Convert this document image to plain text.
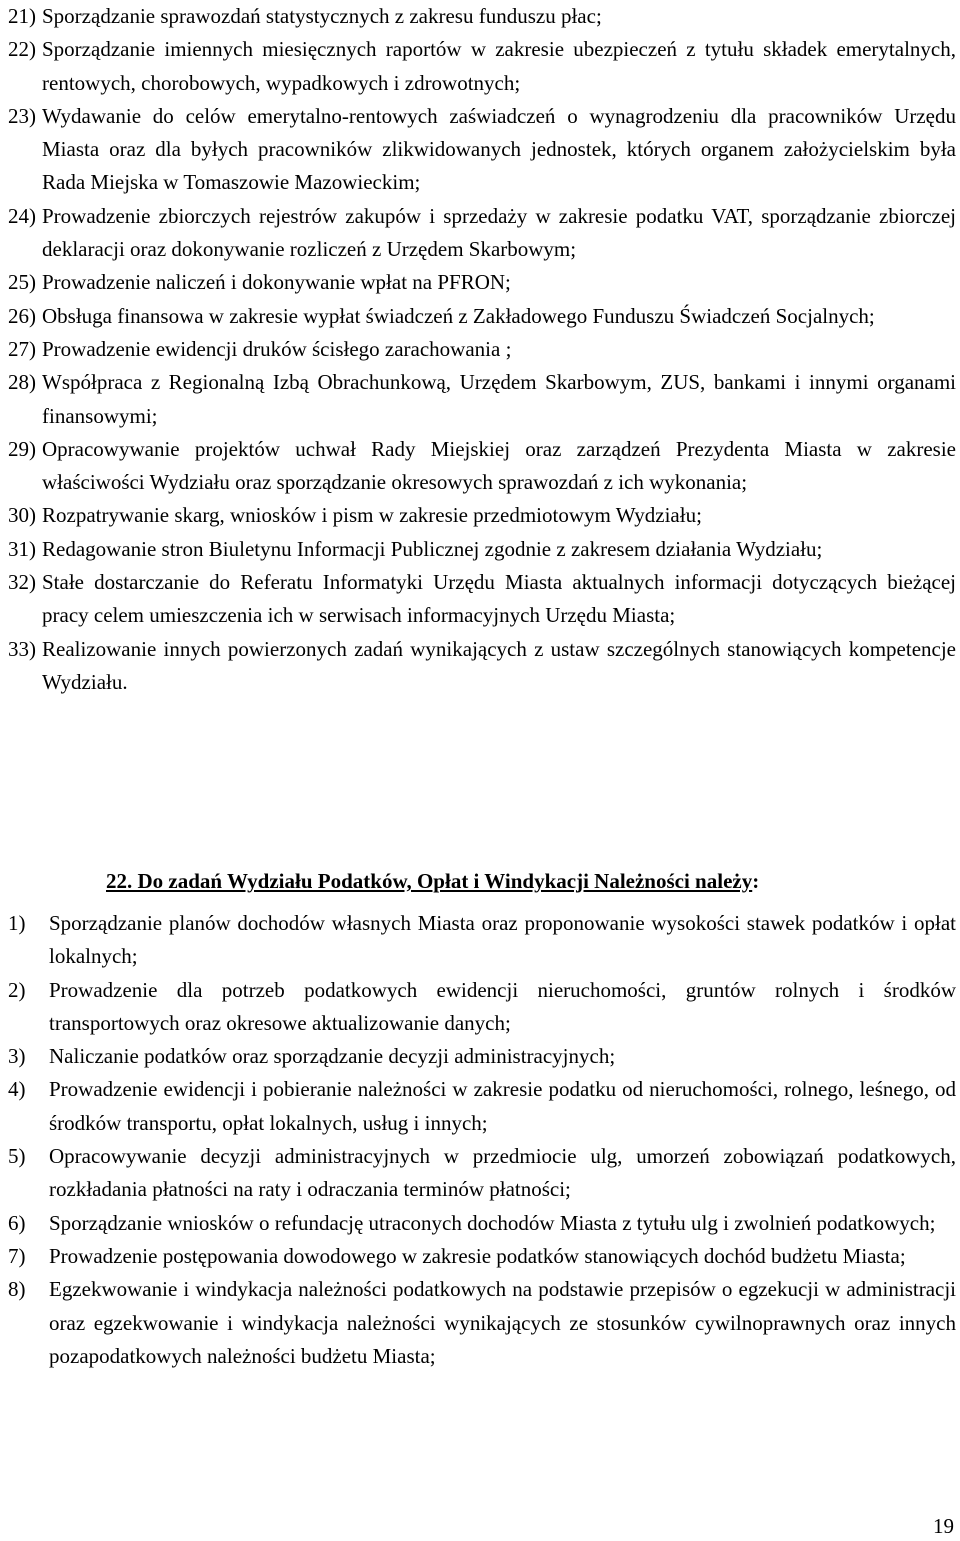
21) Sporządzanie sprawozdań statystycznych z zakresu funduszu płac;
22) Sporządzanie imiennych miesięcznych raportów w zakresie ubezpieczeń z tytułu składek emerytalnych, rentowych, chorobowych, wypadkowych i zdrowotnych;
23) Wydawanie do celów emerytalno-rentowych zaświadczeń o wynagrodzeniu dla pracowników Urzędu Miasta oraz dla byłych pracowników zlikwidowanych jednostek, których organem założycielskim była Rada Miejska w Tomaszowie Mazowieckim;
24) Prowadzenie zbiorczych rejestrów zakupów i sprzedaży w zakresie podatku VAT, sporządzanie zbiorczej deklaracji oraz dokonywanie rozliczeń z Urzędem Skarbowym;
25) Prowadzenie naliczeń i dokonywanie wpłat na PFRON;
26) Obsługa finansowa w zakresie wypłat świadczeń z Zakładowego Funduszu Świadczeń Socjalnych;
27) Prowadzenie ewidencji druków ścisłego zarachowania ;
28) Współpraca z Regionalną Izbą Obrachunkową, Urzędem Skarbowym, ZUS, bankami i innymi organami finansowymi;
29) Opracowywanie projektów uchwał Rady Miejskiej oraz zarządzeń Prezydenta Miasta w zakresie właściwości Wydziału oraz sporządzanie okresowych sprawozdań z ich wykonania;
30) Rozpatrywanie skarg, wniosków i pism w zakresie przedmiotowym Wydziału;
31) Redagowanie stron Biuletynu Informacji Publicznej zgodnie z zakresem działania Wydziału;
32) Stałe dostarczanie do Referatu Informatyki Urzędu Miasta aktualnych informacji dotyczących bieżącej pracy celem umieszczenia ich w serwisach informacyjnych Urzędu Miasta;
33) Realizowanie innych powierzonych zadań wynikających z ustaw szczególnych stanowiących kompetencje Wydziału.
22. Do zadań Wydziału Podatków, Opłat i Windykacji Należności należy:
1)	Sporządzanie planów dochodów własnych Miasta oraz proponowanie wysokości stawek podatków i opłat lokalnych;
2)	Prowadzenie dla potrzeb podatkowych ewidencji nieruchomości, gruntów rolnych i środków transportowych oraz okresowe aktualizowanie danych;
3)	Naliczanie podatków oraz sporządzanie decyzji administracyjnych;
4)	Prowadzenie ewidencji i pobieranie należności w zakresie podatku od nieruchomości, rolnego, leśnego, od środków transportu, opłat lokalnych, usług i innych;
5)	Opracowywanie decyzji administracyjnych w przedmiocie ulg, umorzeń zobowiązań podatkowych, rozkładania płatności na raty i odraczania terminów płatności;
6)	Sporządzanie wniosków o refundację utraconych dochodów Miasta z tytułu ulg i zwolnień podatkowych;
7)	Prowadzenie postępowania dowodowego w zakresie podatków stanowiących dochód budżetu Miasta;
8)	Egzekwowanie i windykacja należności podatkowych na podstawie przepisów o egzekucji w administracji oraz egzekwowanie i windykacja należności wynikających ze stosunków cywilnoprawnych oraz innych pozapodatkowych należności budżetu Miasta;
19
